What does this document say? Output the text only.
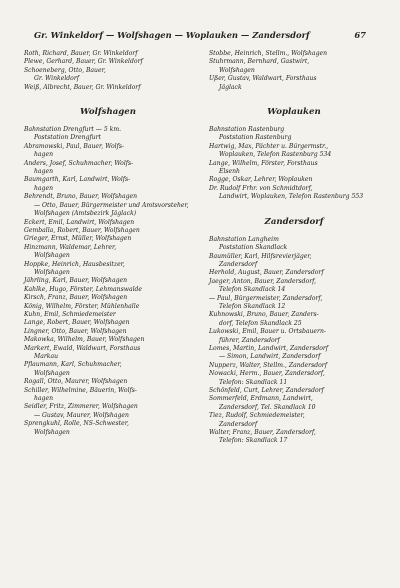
Gr. Winkeldorf — Wolfshagen — Woplauken — Zandersdorf	67
Roth, Richard, Bauer, Gr. Winkeldorf
Plewe, Gerhard, Bauer, Gr. Winkeldorf
Schoeneberg, Otto, Bauer,
Gr. Winkeldorf
Weiß, Albrecht, Bauer, Gr. Winkeldorf
Wolfshagen
Bahnstation Drengfurt — 5 km.
Poststation Drengfurt
Abramowski, Paul, Bauer, Wolfs-
hagen
Anders, Josef, Schuhmacher, Wolfs-
hagen
Baumgarth, Karl, Landwirt, Wolfs-
hagen
Behrendt, Bruno, Bauer, Wolfshagen
— Otto, Bauer, Bürgermeister und Amtsvorsteher, Wolfshagen (Amtsbezirk Jäglack)
Eckert, Emil, Landwirt, Wolfshagen
Gemballa, Robert, Bauer, Wolfshagen
Grieger, Ernst, Müller, Wolfshagen
Hinzmann, Waldemar, Lehrer,
Wolfshagen
Hoppke, Heinrich, Hausbesitzer,
Wolfshagen
Jährling, Karl, Bauer, Wolfshagen
Kahlke, Hugo, Förster, Lehmanswalde
Kirsch, Franz, Bauer, Wolfshagen
König, Wilhelm, Förster, Mühlenhalle
Kuhn, Emil, Schmiedemeister
Lange, Robert, Bauer, Wolfshagen
Lingner, Otto, Bauer, Wolfshagen
Makowka, Wilhelm, Bauer, Wolfshagen
Markert, Ewald, Waldwart, Forsthaus
Markau
Pflaumann, Karl, Schuhmacher,
Wolfshagen
Rogall, Otto, Maurer, Wolfshagen
Schiller, Wilhelmine, Bäuerin, Wolfs-
hagen
Seidler, Fritz, Zimmerer, Wolfshagen
— Gustav, Maurer, Wolfshagen
Sprengkuhl, Rolle, NS-Schwester,
Wolfshagen
Stobbe, Heinrich, Stellm., Wolfshagen
Stuhrmann, Bernhard, Gastwirt,
Wolfshagen
Ußer, Gustav, Waldwart, Forsthaus
Jäglack
Woplauken
Bahnstation Rastenburg
Poststation Rastenburg
Hartwig, Max, Pächter u. Bürgermstr.,
Woplauken, Telefon Rastenburg 534
Lange, Wilhelm, Förster, Forsthaus
Elsenh
Rogge, Oskar, Lehrer, Woplauken
Dr. Rudolf Frhr. von Schmidtdorf,
Landwirt, Woplauken, Telefon Rastenburg 553
Zandersdorf
Bahnstation Langheim
Poststation Skandlack
Baumüller, Karl, Hilfsrevierjäger,
Zandersdorf
Herhold, August, Bauer, Zandersdorf
Jaeger, Anton, Bauer, Zandersdorf,
Telefon Skandlack 14
— Paul, Bürgermeister, Zandersdorf,
Telefon Skandlack 12
Kuhnowski, Bruno, Bauer, Zanders-
dorf, Telefon Skandlack 25
Lukowski, Emil, Bauer u. Ortsbauern-
führer, Zandersdorf
Lomes, Martin, Landwirt, Zandersdorf
— Simon, Landwirt, Zandersdorf
Nupperz, Walter, Stellm., Zandersdorf
Nowacki, Herm., Bauer, Zandersdorf,
Telefon: Skandlack 11
Schönfeld, Curt, Lehrer, Zandersdorf
Sommerfeld, Erdmann, Landwirt,
Zandersdorf, Tel. Skandlack 10
Tiez, Rudolf, Schmiedemeister,
Zandersdorf
Walter, Franz, Bauer, Zandersdorf,
Telefon: Skandlack 17
